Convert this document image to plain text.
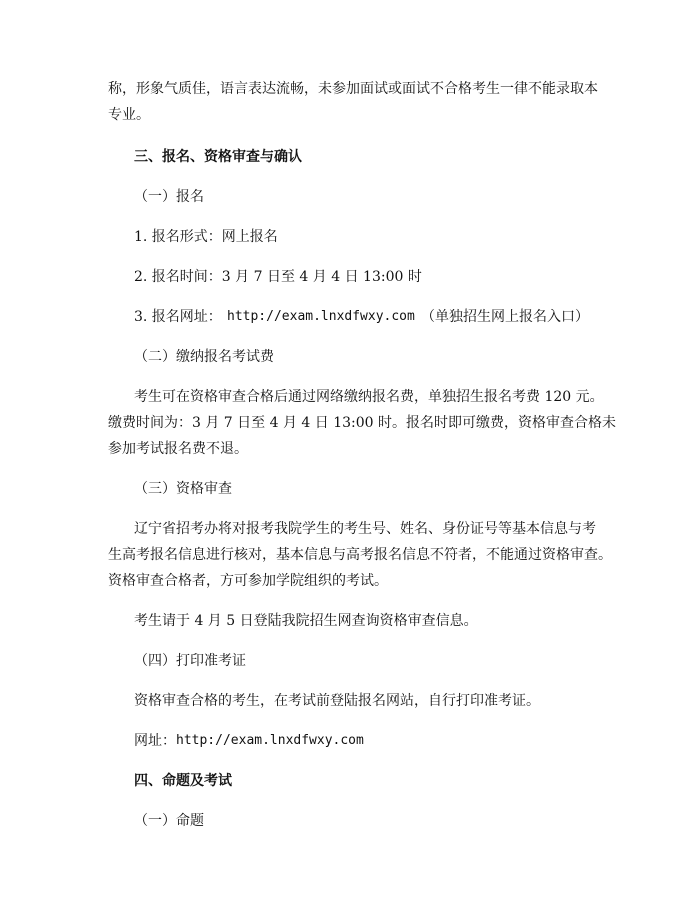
称，形象气质佳，语言表达流畅，未参加面试或面试不合格考生一律不能录取本
专业。
三、报名、资格审查与确认
（一）报名
1. 报名形式：网上报名
2. 报名时间：3 月 7 日至 4 月 4 日 13:00 时
3. 报名网址： http://exam.lnxdfwxy.com （单独招生网上报名入口）
（二）缴纳报名考试费
考生可在资格审查合格后通过网络缴纳报名费，单独招生报名考费 120 元。
缴费时间为：3 月 7 日至 4 月 4 日 13:00 时。报名时即可缴费，资格审查合格未
参加考试报名费不退。
（三）资格审查
辽宁省招考办将对报考我院学生的考生号、姓名、身份证号等基本信息与考
生高考报名信息进行核对，基本信息与高考报名信息不符者，不能通过资格审查。
资格审查合格者，方可参加学院组织的考试。
考生请于 4 月 5 日登陆我院招生网查询资格审查信息。
（四）打印准考证
资格审查合格的考生，在考试前登陆报名网站，自行打印准考证。
网址： http://exam.lnxdfwxy.com
四、命题及考试
（一）命题
